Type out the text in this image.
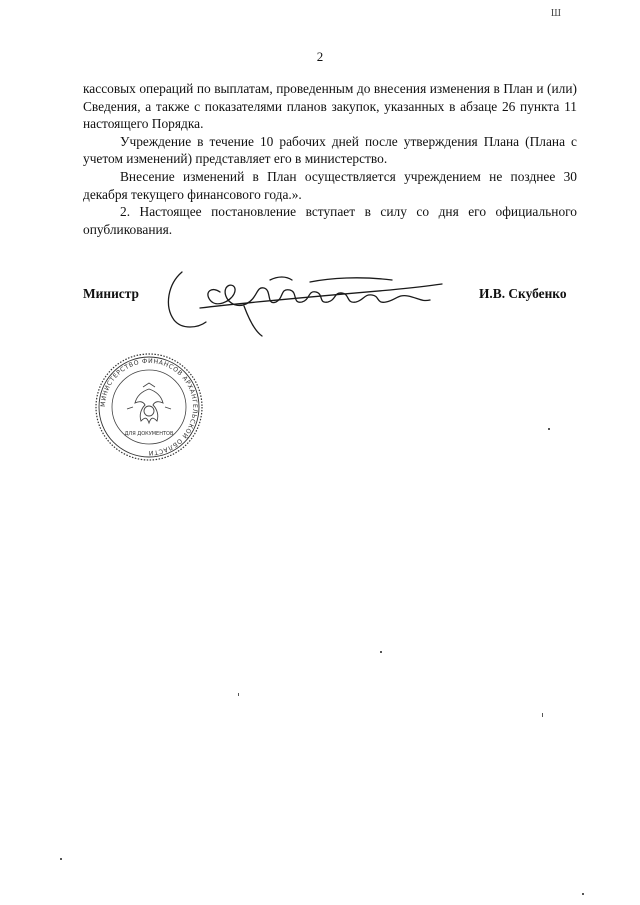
Ш
2

кассовых операций по выплатам, проведенным до внесения изменения в План и (или) Сведения, а также с показателями планов закупок, указанных в абзаце 26 пункта 11 настоящего Порядка.

Учреждение в течение 10 рабочих дней после утверждения Плана (Плана с учетом изменений) представляет его в министерство.

Внесение изменений в План осуществляется учреждением не позднее 30 декабря текущего финансового года.».

2. Настоящее постановление вступает в силу со дня его официального опубликования.

Министр	И.В. Скубенко
МИНИСТЕРСТВО ФИНАНСОВ АРХАНГЕЛЬСКОЙ ОБЛАСТИ
ДЛЯ ДОКУМЕНТОВ
